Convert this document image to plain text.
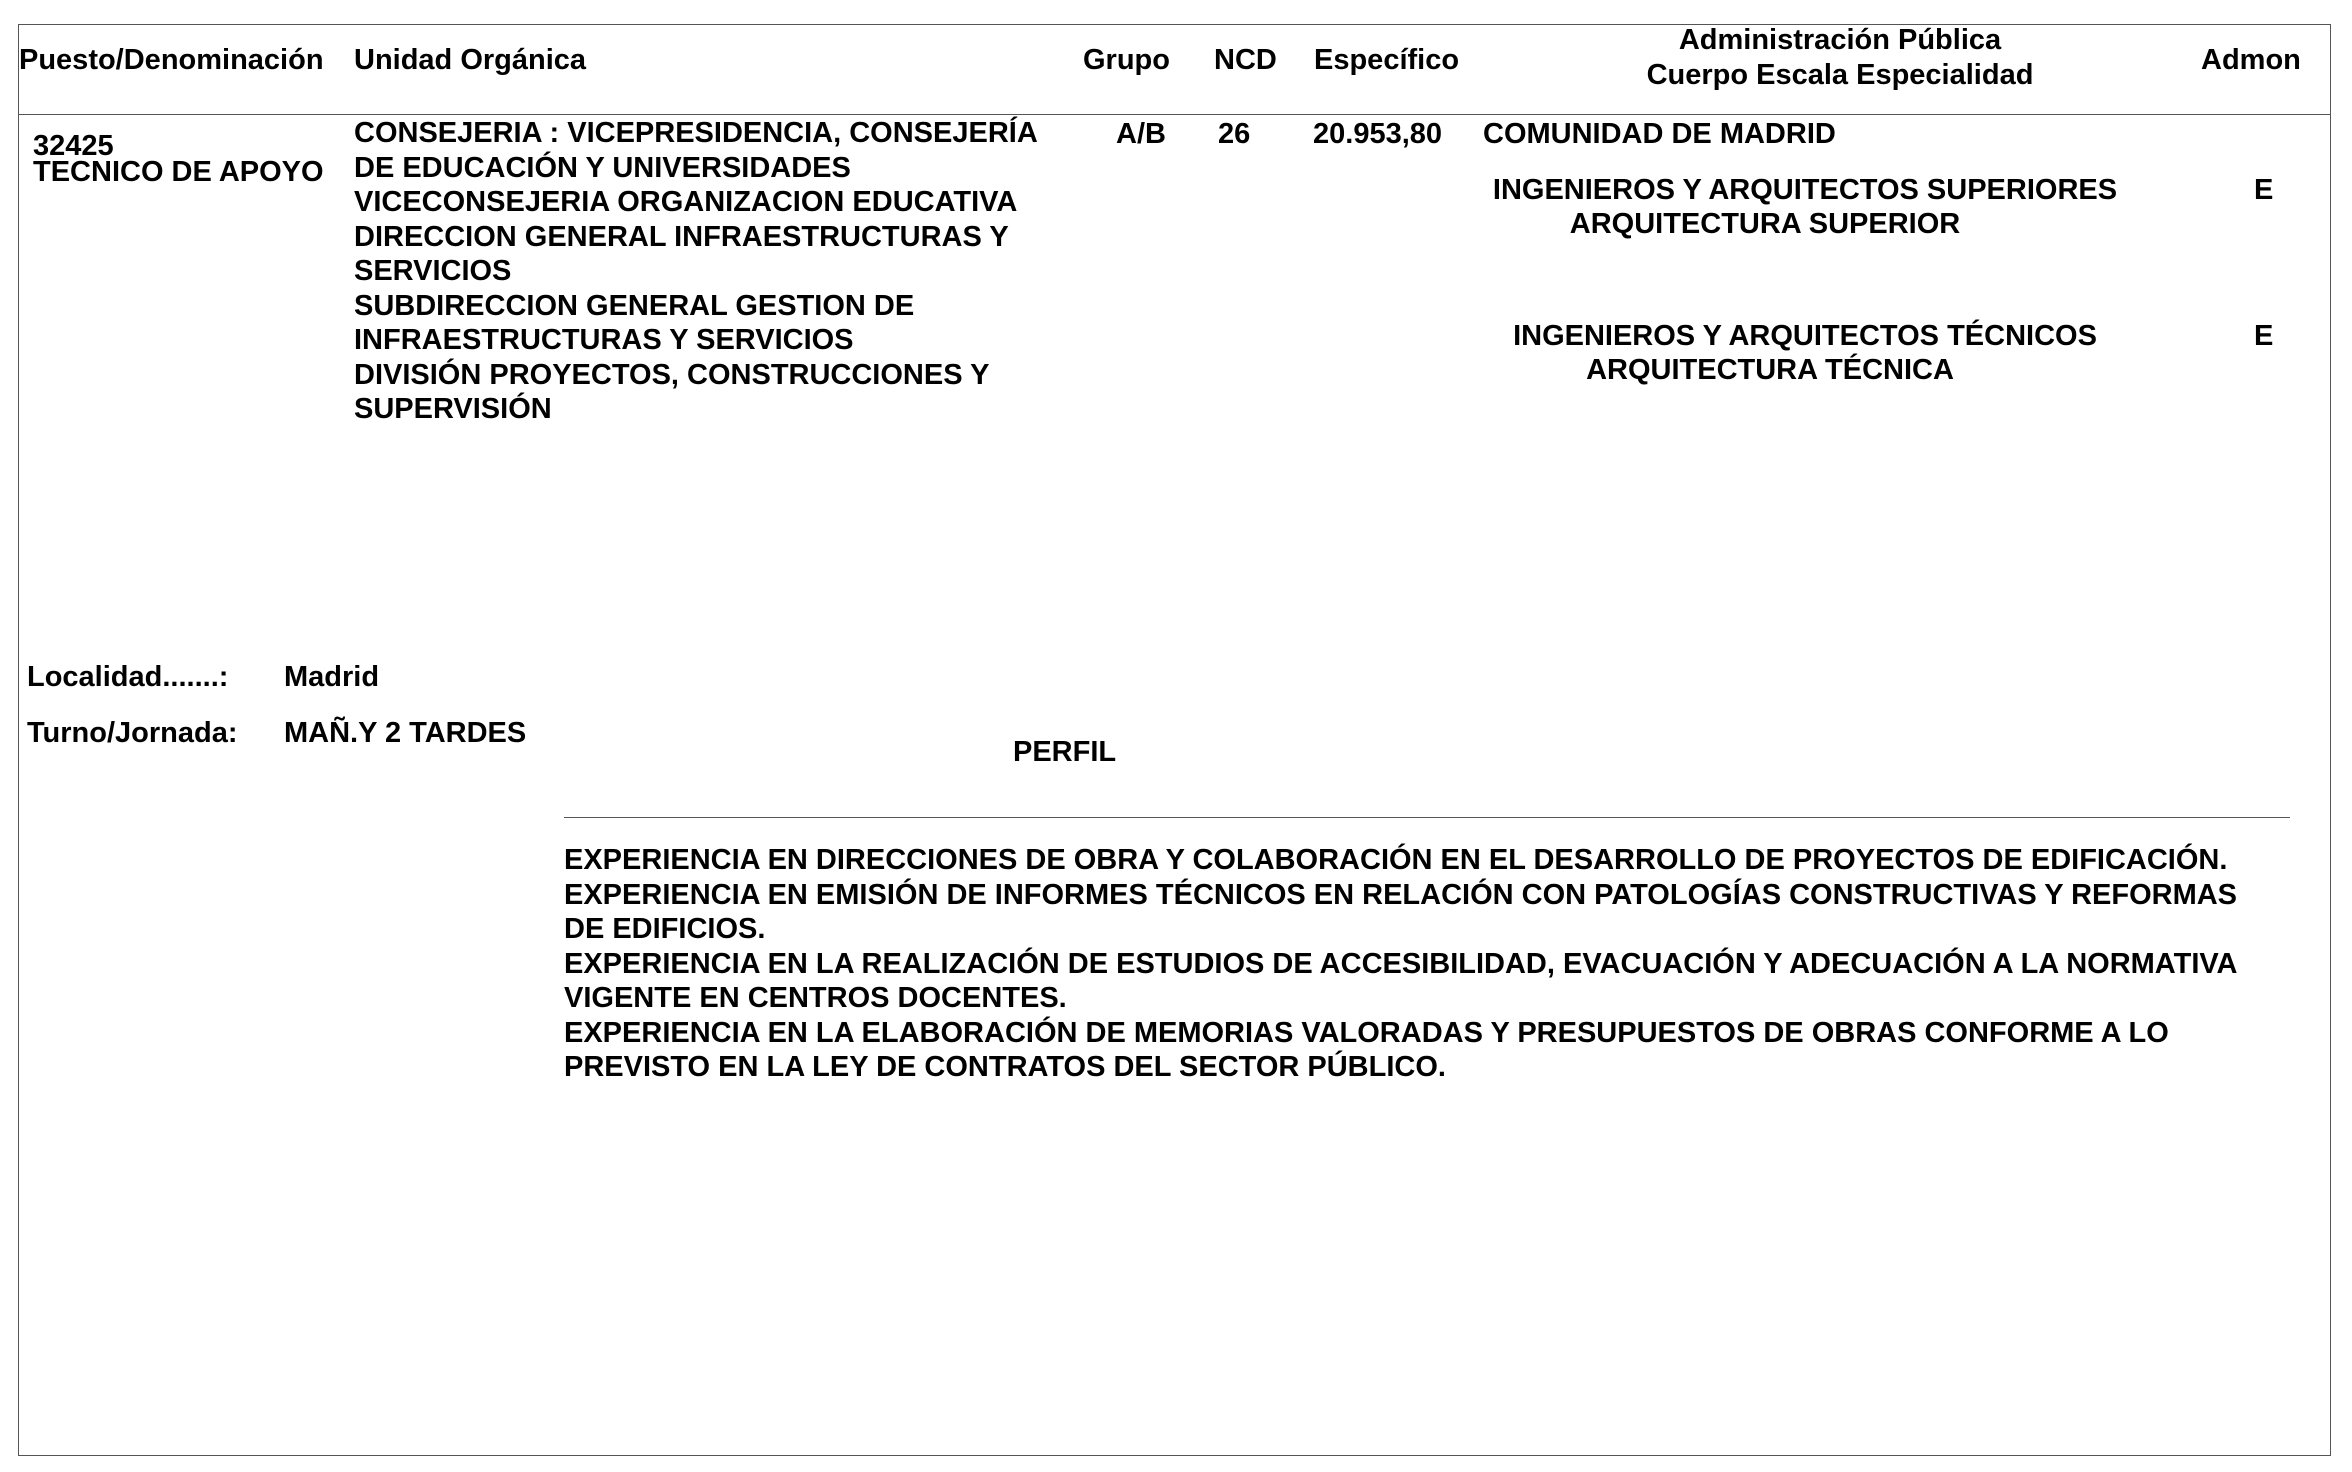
Puesto/Denominación Unidad Orgánica	Grupo NCD Específico
Administración Pública
Cuerpo Escala Especialidad	Admon
32425
TECNICO DE APOYO
CONSEJERIA : VICEPRESIDENCIA, CONSEJERÍA
DE EDUCACIÓN Y UNIVERSIDADES
VICECONSEJERIA ORGANIZACION EDUCATIVA
DIRECCION GENERAL INFRAESTRUCTURAS Y
SERVICIOS
SUBDIRECCION GENERAL GESTION DE
INFRAESTRUCTURAS Y SERVICIOS
DIVISIÓN PROYECTOS, CONSTRUCCIONES Y
SUPERVISIÓN
A/B 26 20.953,80 COMUNIDAD DE MADRID
INGENIEROS Y ARQUITECTOS SUPERIORES
ARQUITECTURA SUPERIOR
E
INGENIEROS Y ARQUITECTOS TÉCNICOS
ARQUITECTURA TÉCNICA
E
Localidad.......: Madrid
Turno/Jornada: MAÑ.Y 2 TARDES
PERFIL
EXPERIENCIA EN DIRECCIONES DE OBRA Y COLABORACIÓN EN EL DESARROLLO DE PROYECTOS DE EDIFICACIÓN.
EXPERIENCIA EN EMISIÓN DE INFORMES TÉCNICOS EN RELACIÓN CON PATOLOGÍAS CONSTRUCTIVAS Y REFORMAS
DE EDIFICIOS.
EXPERIENCIA EN LA REALIZACIÓN DE ESTUDIOS DE ACCESIBILIDAD, EVACUACIÓN Y ADECUACIÓN A LA NORMATIVA
VIGENTE EN CENTROS DOCENTES.
EXPERIENCIA EN LA ELABORACIÓN DE MEMORIAS VALORADAS Y PRESUPUESTOS DE OBRAS CONFORME A LO
PREVISTO EN LA LEY DE CONTRATOS DEL SECTOR PÚBLICO.
